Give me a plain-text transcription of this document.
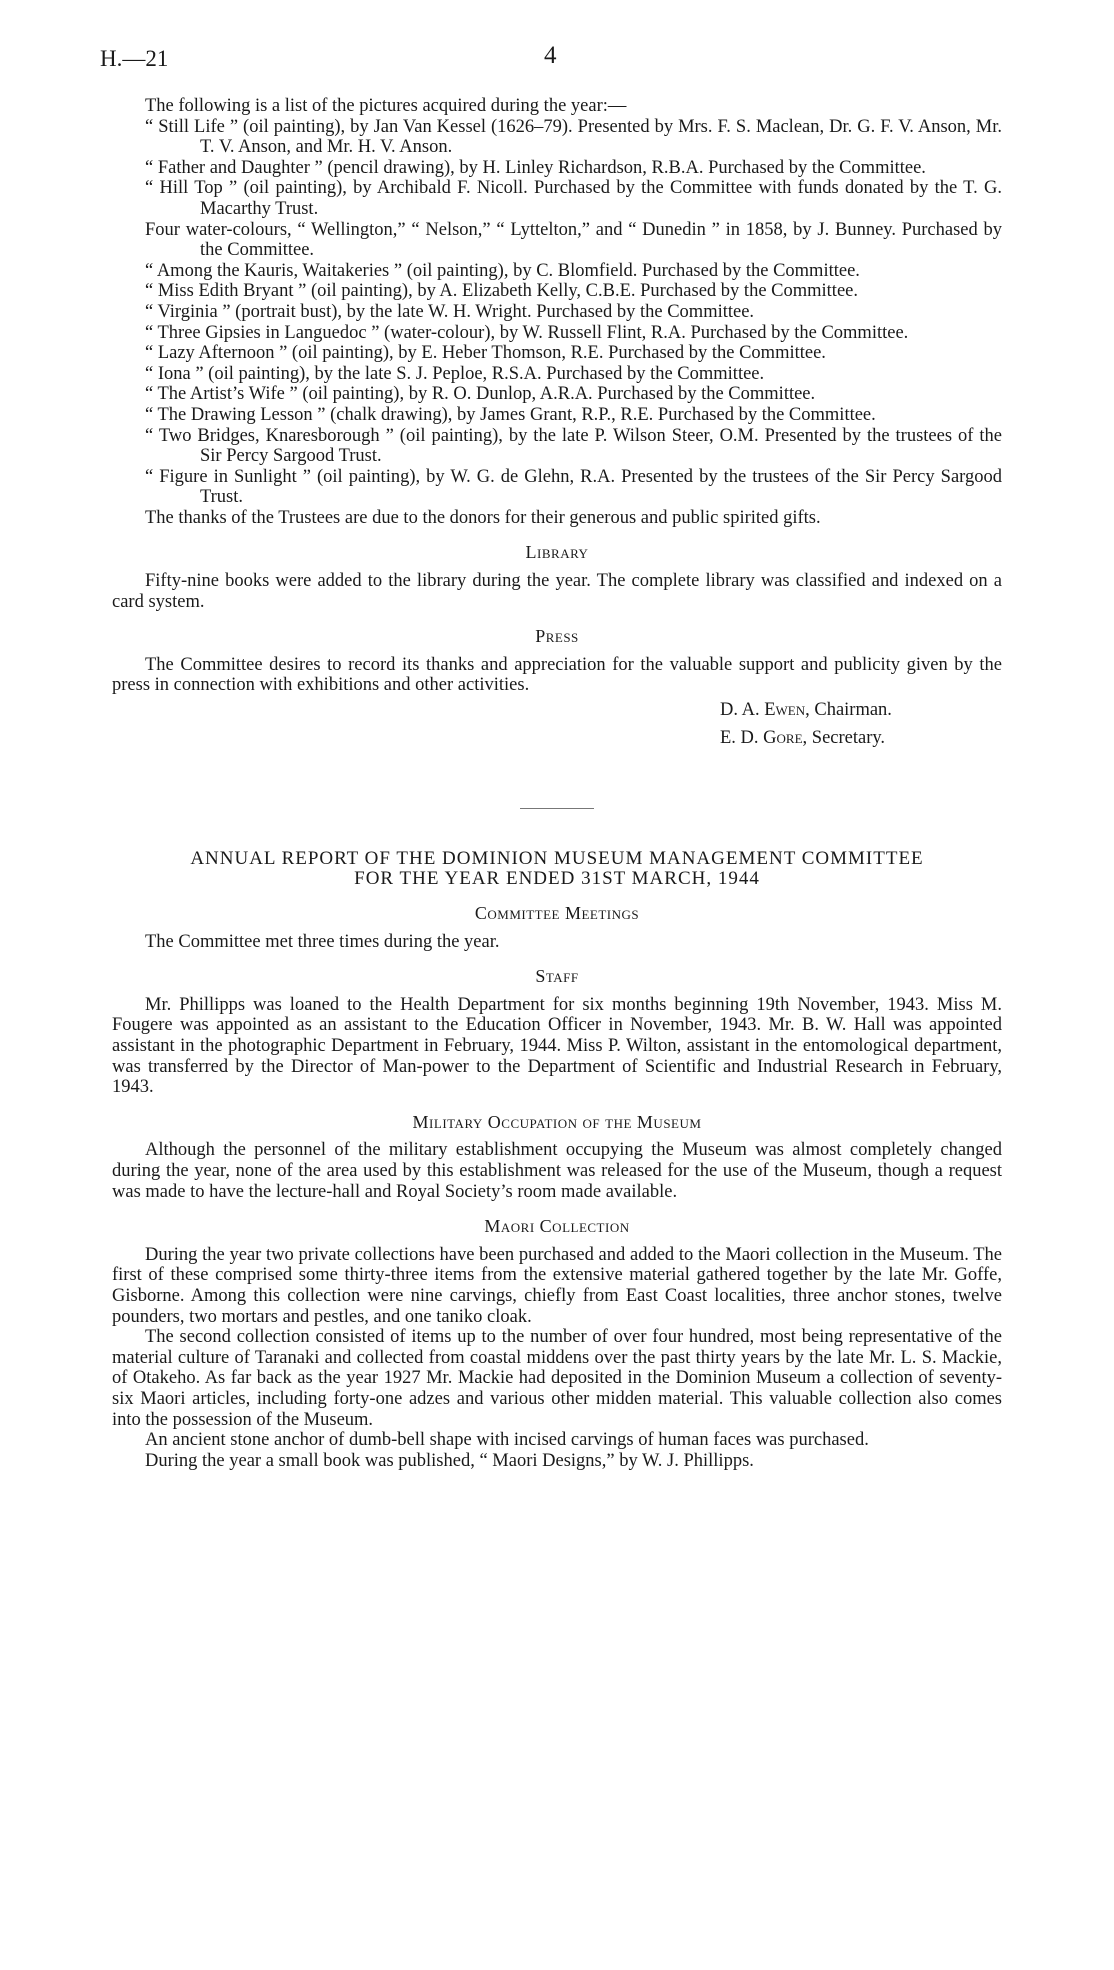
H.—21	4

The following is a list of the pictures acquired during the year:—

“ Still Life ” (oil painting), by Jan Van Kessel (1626–79). Presented by Mrs. F. S. Maclean, Dr. G. F. V. Anson, Mr. T. V. Anson, and Mr. H. V. Anson.

“ Father and Daughter ” (pencil drawing), by H. Linley Richardson, R.B.A. Purchased by the Committee.

“ Hill Top ” (oil painting), by Archibald F. Nicoll. Purchased by the Committee with funds donated by the T. G. Macarthy Trust.

Four water-colours, “ Wellington,” “ Nelson,” “ Lyttelton,” and “ Dunedin ” in 1858, by J. Bunney. Purchased by the Committee.

“ Among the Kauris, Waitakeries ” (oil painting), by C. Blomfield. Purchased by the Committee.

“ Miss Edith Bryant ” (oil painting), by A. Elizabeth Kelly, C.B.E. Purchased by the Committee.

“ Virginia ” (portrait bust), by the late W. H. Wright. Purchased by the Committee.

“ Three Gipsies in Languedoc ” (water-colour), by W. Russell Flint, R.A. Purchased by the Committee.

“ Lazy Afternoon ” (oil painting), by E. Heber Thomson, R.E. Purchased by the Committee.

“ Iona ” (oil painting), by the late S. J. Peploe, R.S.A. Purchased by the Committee.

“ The Artist’s Wife ” (oil painting), by R. O. Dunlop, A.R.A. Purchased by the Committee.

“ The Drawing Lesson ” (chalk drawing), by James Grant, R.P., R.E. Purchased by the Committee.

“ Two Bridges, Knaresborough ” (oil painting), by the late P. Wilson Steer, O.M. Presented by the trustees of the Sir Percy Sargood Trust.

“ Figure in Sunlight ” (oil painting), by W. G. de Glehn, R.A. Presented by the trustees of the Sir Percy Sargood Trust.

The thanks of the Trustees are due to the donors for their generous and public spirited gifts.

Library

Fifty-nine books were added to the library during the year. The complete library was classified and indexed on a card system.

Press

The Committee desires to record its thanks and appreciation for the valuable support and publicity given by the press in connection with exhibitions and other activities.

D. A. Ewen, Chairman.
E. D. Gore, Secretary.
ANNUAL REPORT OF THE DOMINION MUSEUM MANAGEMENT COMMITTEE
FOR THE YEAR ENDED 31ST MARCH, 1944
Committee Meetings

The Committee met three times during the year.

Staff

Mr. Phillipps was loaned to the Health Department for six months beginning 19th November, 1943. Miss M. Fougere was appointed as an assistant to the Education Officer in November, 1943. Mr. B. W. Hall was appointed assistant in the photographic Department in February, 1944. Miss P. Wilton, assistant in the entomological department, was transferred by the Director of Man-power to the Department of Scientific and Industrial Research in February, 1943.

Military Occupation of the Museum

Although the personnel of the military establishment occupying the Museum was almost completely changed during the year, none of the area used by this establishment was released for the use of the Museum, though a request was made to have the lecture-hall and Royal Society’s room made available.

Maori Collection

During the year two private collections have been purchased and added to the Maori collection in the Museum. The first of these comprised some thirty-three items from the extensive material gathered together by the late Mr. Goffe, Gisborne. Among this collection were nine carvings, chiefly from East Coast localities, three anchor stones, twelve pounders, two mortars and pestles, and one taniko cloak.

The second collection consisted of items up to the number of over four hundred, most being representative of the material culture of Taranaki and collected from coastal middens over the past thirty years by the late Mr. L. S. Mackie, of Otakeho. As far back as the year 1927 Mr. Mackie had deposited in the Dominion Museum a collection of seventy-six Maori articles, including forty-one adzes and various other midden material. This valuable collection also comes into the possession of the Museum.

An ancient stone anchor of dumb-bell shape with incised carvings of human faces was purchased.

During the year a small book was published, “ Maori Designs,” by W. J. Phillipps.
